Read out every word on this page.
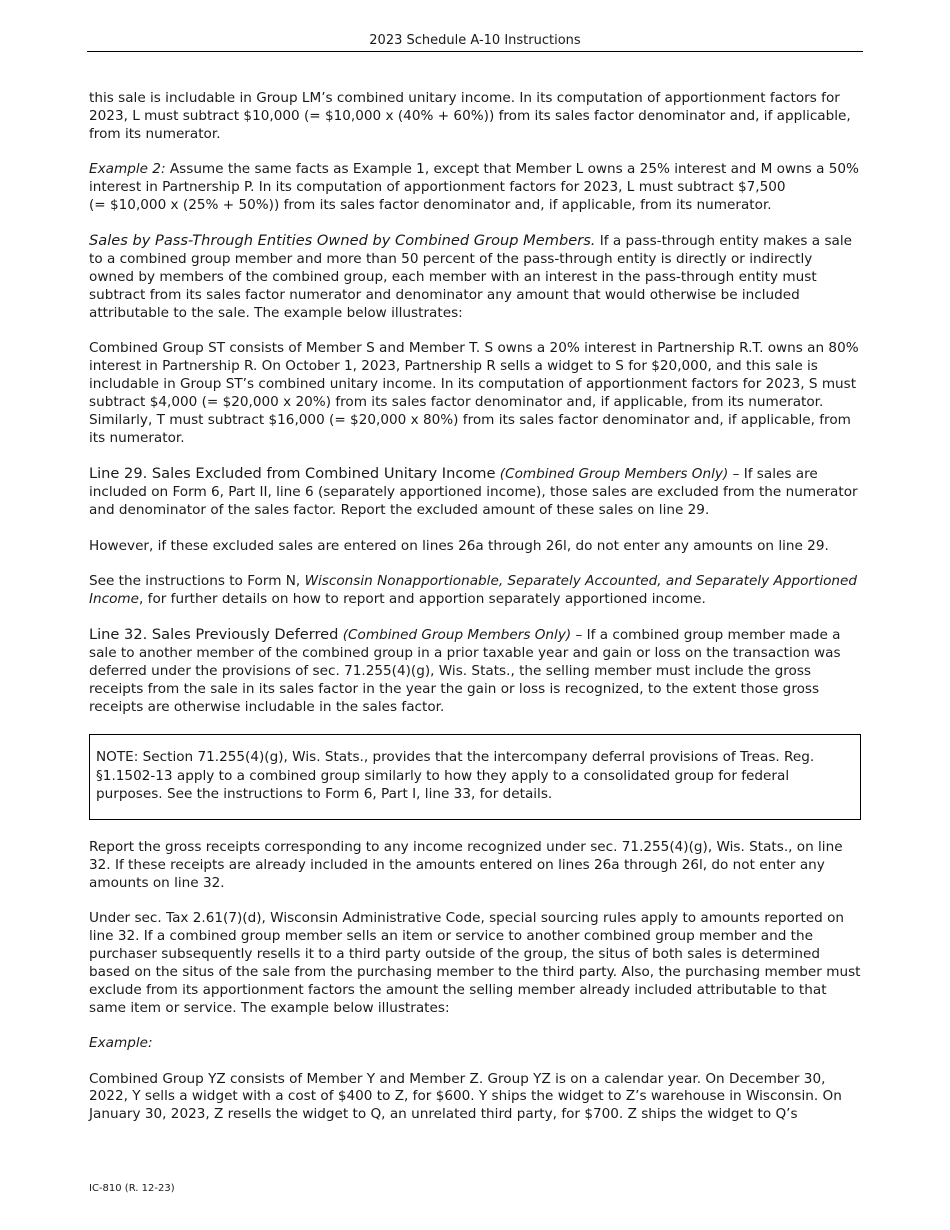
2023 Schedule A-10 Instructions

this sale is includable in Group LM’s combined unitary income. In its computation of apportionment factors for 2023, L must subtract $10,000 (= $10,000 x (40% + 60%)) from its sales factor denominator and, if applicable, from its numerator.

Example 2: Assume the same facts as Example 1, except that Member L owns a 25% interest and M owns a 50% interest in Partnership P. In its computation of apportionment factors for 2023, L must subtract $7,500
(= $10,000 x (25% + 50%)) from its sales factor denominator and, if applicable, from its numerator.

Sales by Pass-Through Entities Owned by Combined Group Members. If a pass-through entity makes a sale to a combined group member and more than 50 percent of the pass-through entity is directly or indirectly owned by members of the combined group, each member with an interest in the pass-through entity must subtract from its sales factor numerator and denominator any amount that would otherwise be included attributable to the sale. The example below illustrates:

Combined Group ST consists of Member S and Member T. S owns a 20% interest in Partnership R.T. owns an 80% interest in Partnership R. On October 1, 2023, Partnership R sells a widget to S for $20,000, and this sale is includable in Group ST’s combined unitary income. In its computation of apportionment factors for 2023, S must subtract $4,000 (= $20,000 x 20%) from its sales factor denominator and, if applicable, from its numerator. Similarly, T must subtract $16,000 (= $20,000 x 80%) from its sales factor denominator and, if applicable, from its numerator.

Line 29. Sales Excluded from Combined Unitary Income (Combined Group Members Only) – If sales are included on Form 6, Part II, line 6 (separately apportioned income), those sales are excluded from the numerator and denominator of the sales factor. Report the excluded amount of these sales on line 29.

However, if these excluded sales are entered on lines 26a through 26l, do not enter any amounts on line 29.

See the instructions to Form N, Wisconsin Nonapportionable, Separately Accounted, and Separately Apportioned Income, for further details on how to report and apportion separately apportioned income.

Line 32. Sales Previously Deferred (Combined Group Members Only) – If a combined group member made a sale to another member of the combined group in a prior taxable year and gain or loss on the transaction was deferred under the provisions of sec. 71.255(4)(g), Wis. Stats., the selling member must include the gross receipts from the sale in its sales factor in the year the gain or loss is recognized, to the extent those gross receipts are otherwise includable in the sales factor.

NOTE: Section 71.255(4)(g), Wis. Stats., provides that the intercompany deferral provisions of Treas. Reg. §1.1502-13 apply to a combined group similarly to how they apply to a consolidated group for federal purposes. See the instructions to Form 6, Part I, line 33, for details.

Report the gross receipts corresponding to any income recognized under sec. 71.255(4)(g), Wis. Stats., on line 32. If these receipts are already included in the amounts entered on lines 26a through 26l, do not enter any amounts on line 32.

Under sec. Tax 2.61(7)(d), Wisconsin Administrative Code, special sourcing rules apply to amounts reported on line 32. If a combined group member sells an item or service to another combined group member and the purchaser subsequently resells it to a third party outside of the group, the situs of both sales is determined based on the situs of the sale from the purchasing member to the third party. Also, the purchasing member must exclude from its apportionment factors the amount the selling member already included attributable to that same item or service. The example below illustrates:

Example:

Combined Group YZ consists of Member Y and Member Z. Group YZ is on a calendar year. On December 30, 2022, Y sells a widget with a cost of $400 to Z, for $600. Y ships the widget to Z’s warehouse in Wisconsin. On January 30, 2023, Z resells the widget to Q, an unrelated third party, for $700. Z ships the widget to Q’s

IC-810 (R. 12-23)
